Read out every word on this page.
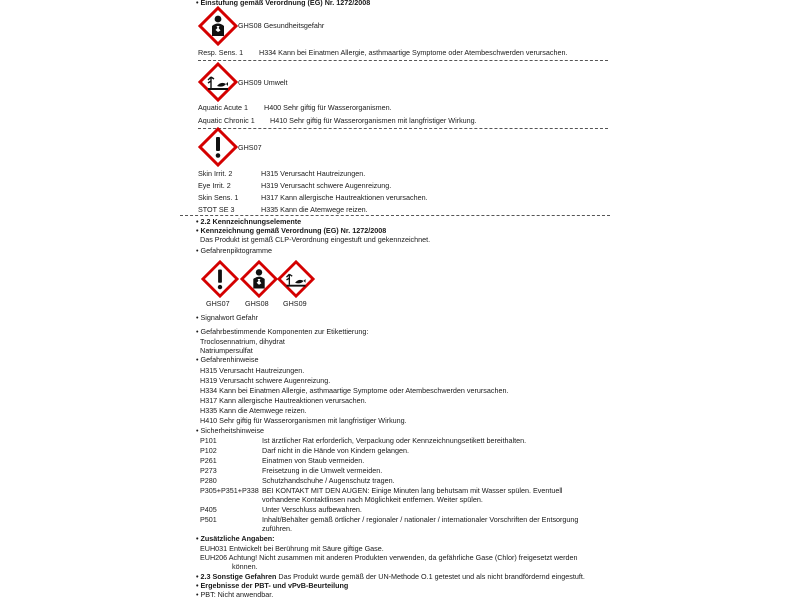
• Einstufung gemäß Verordnung (EG) Nr. 1272/2008
GHS08 Gesundheitsgefahr
Resp. Sens. 1 H334 Kann bei Einatmen Allergie, asthmaartige Symptome oder Atembeschwerden verursachen.
GHS09 Umwelt
Aquatic Acute 1 H400 Sehr giftig für Wasserorganismen.
Aquatic Chronic 1 H410 Sehr giftig für Wasserorganismen mit langfristiger Wirkung.
GHS07
Skin Irrit. 2	H315 Verursacht Hautreizungen.
Eye Irrit. 2	H319 Verursacht schwere Augenreizung.
Skin Sens. 1	H317 Kann allergische Hautreaktionen verursachen.
STOT SE 3	H335 Kann die Atemwege reizen.
• 2.2 Kennzeichnungselemente
• Kennzeichnung gemäß Verordnung (EG) Nr. 1272/2008
Das Produkt ist gemäß CLP-Verordnung eingestuft und gekennzeichnet.
• Gefahrenpiktogramme
GHS07 GHS08 GHS09
• Signalwort Gefahr
• Gefahrbestimmende Komponenten zur Etikettierung:
Troclosennatrium, dihydrat
Natriumpersulfat
• Gefahrenhinweise
H315 Verursacht Hautreizungen.
H319 Verursacht schwere Augenreizung.
H334 Kann bei Einatmen Allergie, asthmaartige Symptome oder Atembeschwerden verursachen.
H317 Kann allergische Hautreaktionen verursachen.
H335 Kann die Atemwege reizen.
H410 Sehr giftig für Wasserorganismen mit langfristiger Wirkung.
• Sicherheitshinweise
P101	Ist ärztlicher Rat erforderlich, Verpackung oder Kennzeichnungsetikett bereithalten.
P102	Darf nicht in die Hände von Kindern gelangen.
P261	Einatmen von Staub vermeiden.
P273	Freisetzung in die Umwelt vermeiden.
P280	Schutzhandschuhe / Augenschutz tragen.
P305+P351+P338 BEI KONTAKT MIT DEN AUGEN: Einige Minuten lang behutsam mit Wasser spülen. Eventuell
vorhandene Kontaktlinsen nach Möglichkeit entfernen. Weiter spülen.
P405	Unter Verschluss aufbewahren.
P501	Inhalt/Behälter gemäß örtlicher / regionaler / nationaler / internationaler Vorschriften der Entsorgung
zuführen.
• Zusätzliche Angaben:
EUH031 Entwickelt bei Berührung mit Säure giftige Gase.
EUH206 Achtung! Nicht zusammen mit anderen Produkten verwenden, da gefährliche Gase (Chlor) freigesetzt werden
können.
• 2.3 Sonstige Gefahren Das Produkt wurde gemäß der UN-Methode O.1 getestet und als nicht brandfördernd eingestuft.
• Ergebnisse der PBT- und vPvB-Beurteilung
• PBT: Nicht anwendbar.
